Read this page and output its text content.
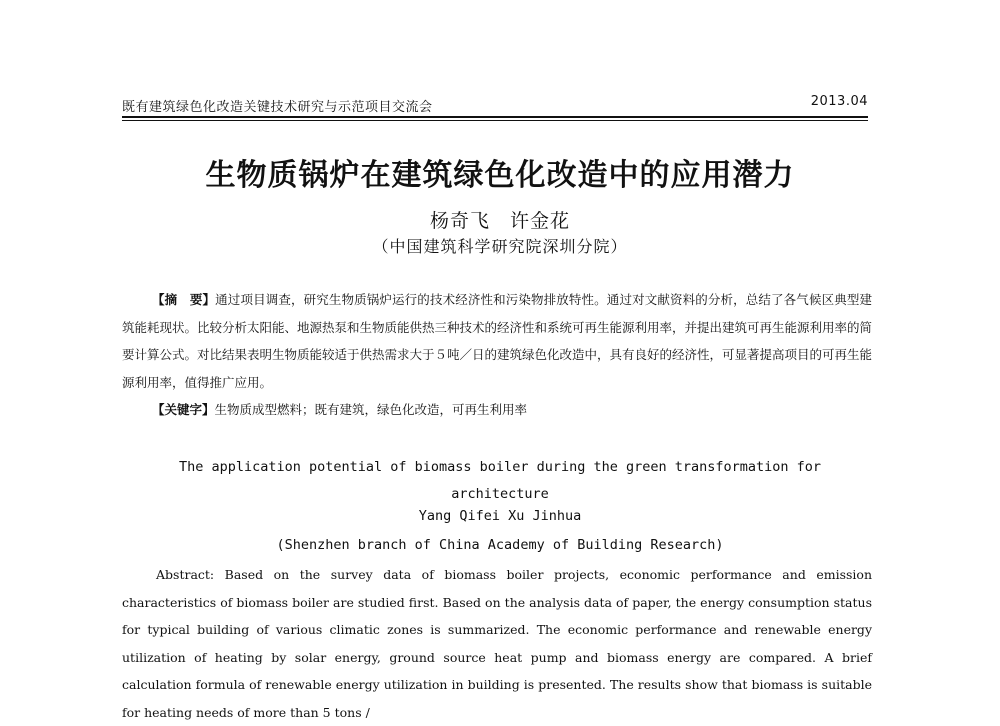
既有建筑绿色化改造关键技术研究与示范项目交流会	2013.04
生物质锅炉在建筑绿色化改造中的应用潜力
杨奇飞　许金花
（中国建筑科学研究院深圳分院）

【摘　要】通过项目调查，研究生物质锅炉运行的技术经济性和污染物排放特性。通过对文献资料的分析，总结了各气候区典型建筑能耗现状。比较分析太阳能、地源热泵和生物质能供热三种技术的经济性和系统可再生能源利用率，并提出建筑可再生能源利用率的简要计算公式。对比结果表明生物质能较适于供热需求大于５吨／日的建筑绿色化改造中，具有良好的经济性，可显著提高项目的可再生能源利用率，值得推广应用。

【关键字】生物质成型燃料；既有建筑，绿色化改造，可再生利用率

The application potential of biomass boiler during the green transformation for architecture
Yang Qifei Xu Jinhua
(Shenzhen branch of China Academy of Building Research)

Abstract: Based on the survey data of biomass boiler projects, economic performance and emission characteristics of biomass boiler are studied first. Based on the analysis data of paper, the energy consumption status for typical building of various climatic zones is summarized. The economic performance and renewable energy utilization of heating by solar energy, ground source heat pump and biomass energy are compared. A brief calculation formula of renewable energy utilization in building is presented. The results show that biomass is suitable for heating needs of more than 5 tons /
